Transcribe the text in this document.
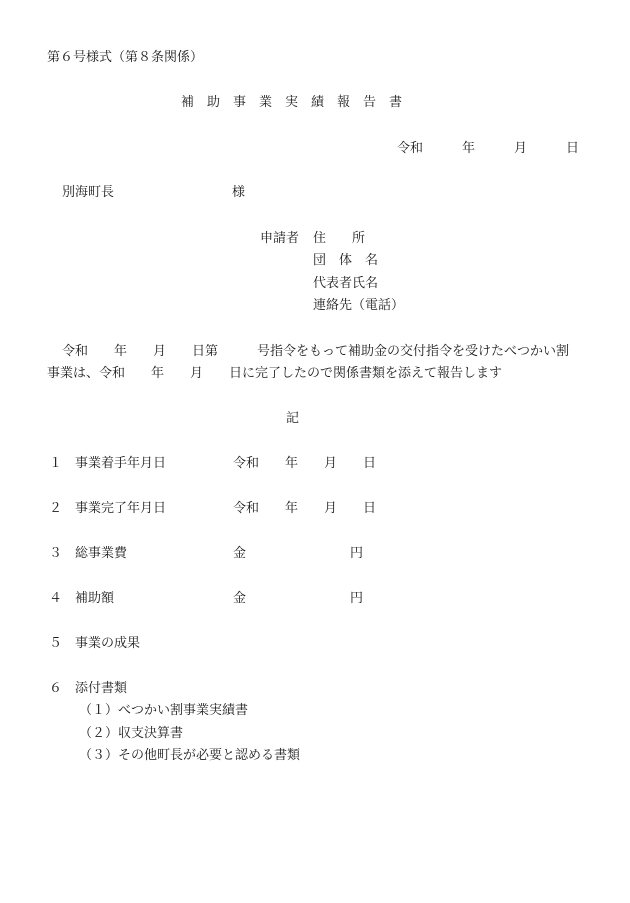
第６号様式（第８条関係）
補　助　事　業　実　績　報　告　書
令和　　　年　　　月　　　日
別海町長	様
申請者 住　　所
団　体　名
代表者氏名
連絡先（電話）
令和　　年　　月　　日第　　　号指令をもって補助金の交付指令を受けたべつかい割
事業は、令和　　年　　月　　日に完了したので関係書類を添えて報告します
記
１ 事業着手年月日	令和　　年　　月　　日
２ 事業完了年月日	令和　　年　　月　　日
３ 総事業費	金　　　　　　　　円
４ 補助額	金　　　　　　　　円
５ 事業の成果
６ 添付書類
（１）べつかい割事業実績書
（２）収支決算書
（３）その他町長が必要と認める書類
